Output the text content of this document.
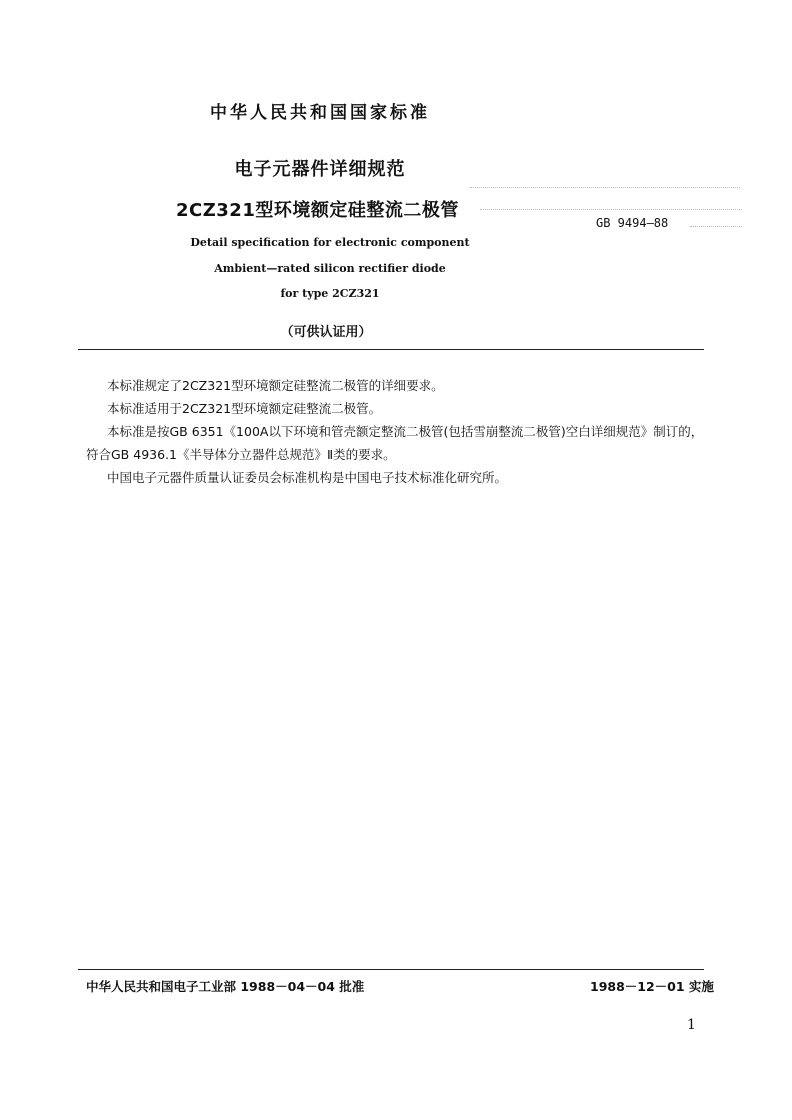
中华人民共和国国家标准
电子元器件详细规范
2CZ321型环境额定硅整流二极管
GB 9494—88
Detail specification for electronic component
Ambient—rated silicon rectifier diode
for type 2CZ321
（可供认证用）

本标准规定了2CZ321型环境额定硅整流二极管的详细要求。

本标准适用于2CZ321型环境额定硅整流二极管。

本标准是按GB 6351《100A以下环境和管壳额定整流二极管(包括雪崩整流二极管)空白详细规范》制订的，符合GB 4936.1《半导体分立器件总规范》Ⅱ类的要求。

中国电子元器件质量认证委员会标准机构是中国电子技术标准化研究所。

中华人民共和国电子工业部 1988－04－04 批准	1988－12－01 实施
1
